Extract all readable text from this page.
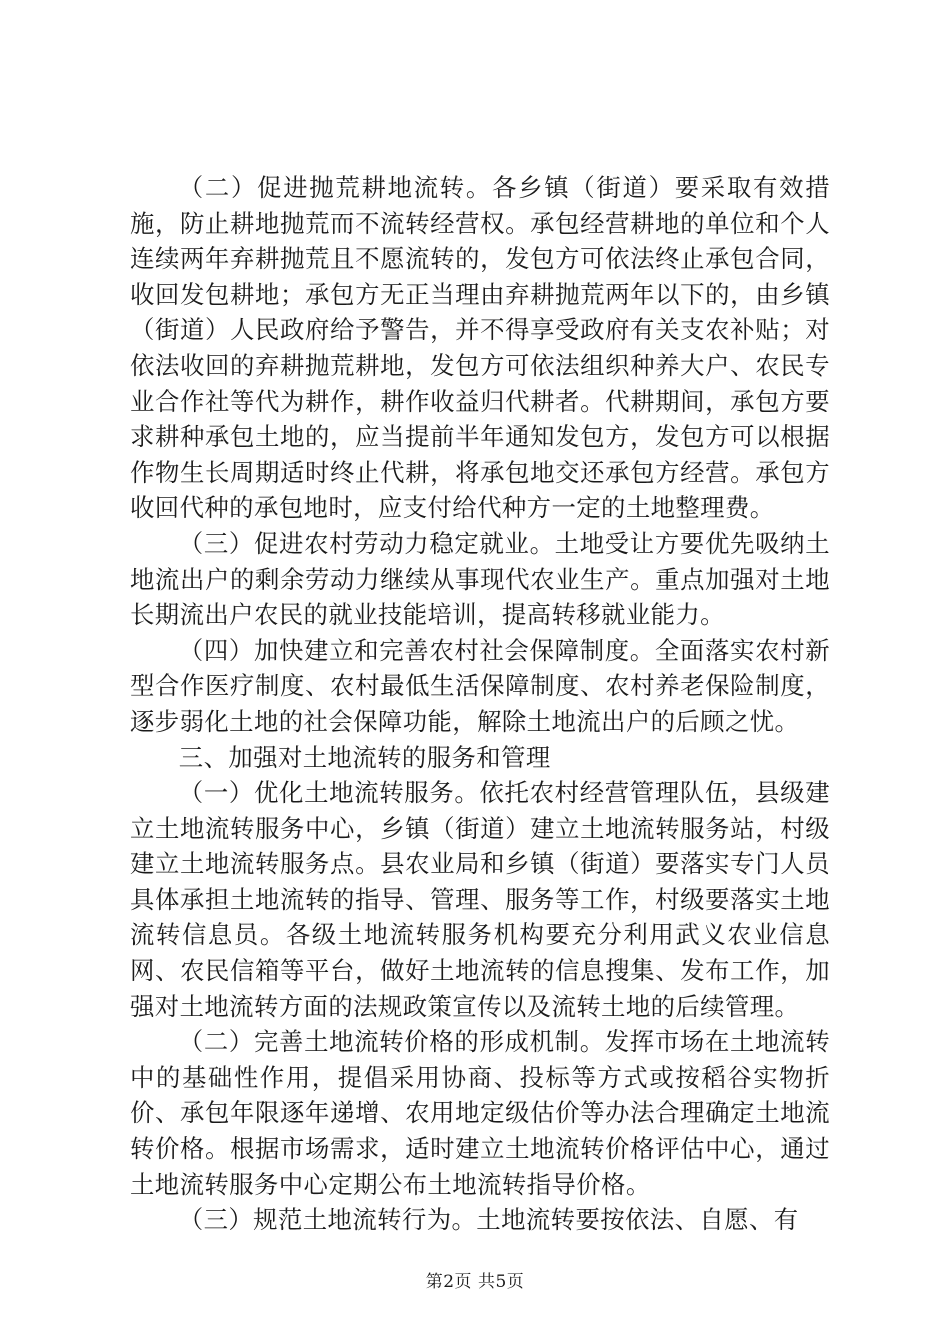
（二）促进抛荒耕地流转。各乡镇（街道）要采取有效措施，防止耕地抛荒而不流转经营权。承包经营耕地的单位和个人连续两年弃耕抛荒且不愿流转的，发包方可依法终止承包合同，收回发包耕地；承包方无正当理由弃耕抛荒两年以下的，由乡镇（街道）人民政府给予警告，并不得享受政府有关支农补贴；对依法收回的弃耕抛荒耕地，发包方可依法组织种养大户、农民专业合作社等代为耕作，耕作收益归代耕者。代耕期间，承包方要求耕种承包土地的，应当提前半年通知发包方，发包方可以根据作物生长周期适时终止代耕，将承包地交还承包方经营。承包方收回代种的承包地时，应支付给代种方一定的土地整理费。

（三）促进农村劳动力稳定就业。土地受让方要优先吸纳土地流出户的剩余劳动力继续从事现代农业生产。重点加强对土地长期流出户农民的就业技能培训，提高转移就业能力。

（四）加快建立和完善农村社会保障制度。全面落实农村新型合作医疗制度、农村最低生活保障制度、农村养老保险制度，逐步弱化土地的社会保障功能，解除土地流出户的后顾之忧。

三、加强对土地流转的服务和管理

（一）优化土地流转服务。依托农村经营管理队伍，县级建立土地流转服务中心，乡镇（街道）建立土地流转服务站，村级建立土地流转服务点。县农业局和乡镇（街道）要落实专门人员具体承担土地流转的指导、管理、服务等工作，村级要落实土地流转信息员。各级土地流转服务机构要充分利用武义农业信息网、农民信箱等平台，做好土地流转的信息搜集、发布工作，加强对土地流转方面的法规政策宣传以及流转土地的后续管理。

（二）完善土地流转价格的形成机制。发挥市场在土地流转中的基础性作用，提倡采用协商、投标等方式或按稻谷实物折价、承包年限逐年递增、农用地定级估价等办法合理确定土地流转价格。根据市场需求，适时建立土地流转价格评估中心，通过土地流转服务中心定期公布土地流转指导价格。

（三）规范土地流转行为。土地流转要按依法、自愿、有

第2页 共5页
